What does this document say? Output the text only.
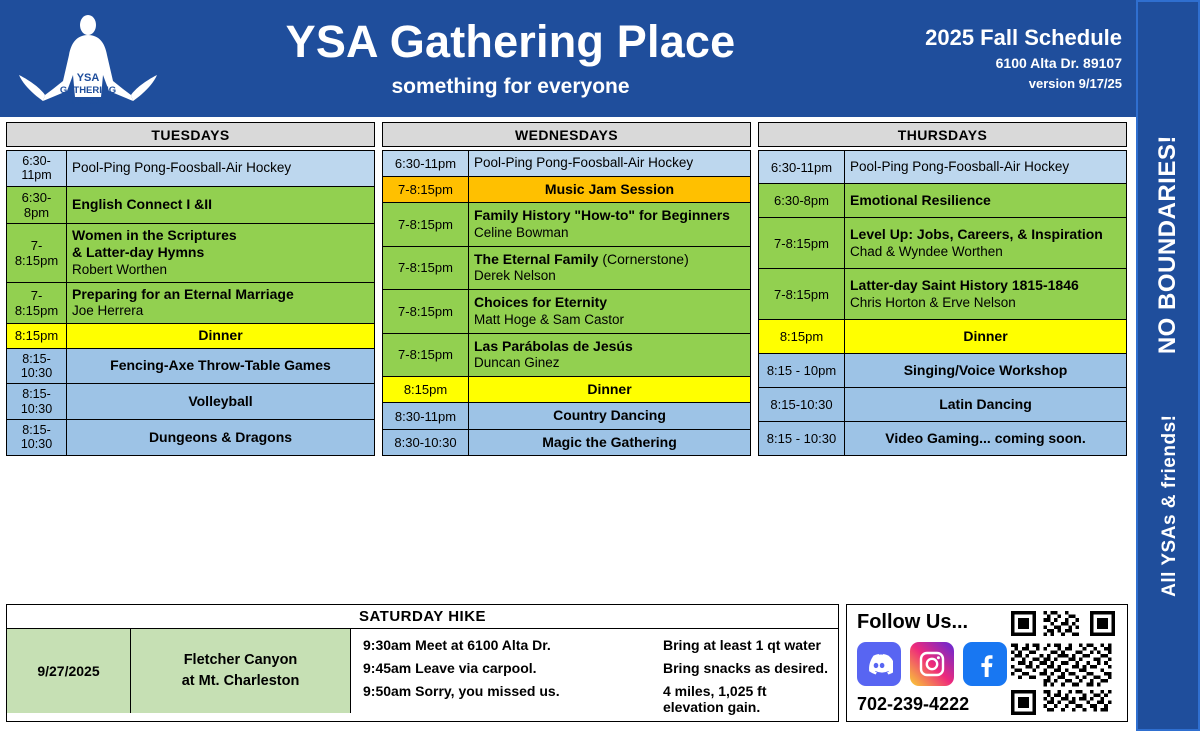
YSA
GATHERING
PLACE
YSA Gathering Place
something for everyone
2025 Fall Schedule
6100 Alta Dr. 89107
version 9/17/25
All YSAs & friends!  NO BOUNDARIES!
TUESDAYS
6:30-11pm	Pool-Ping Pong-Foosball-Air Hockey

6:30-8pm	English Connect I &II

7-8:15pm	Women in the Scriptures
& Latter-day Hymns
Robert Worthen

7-8:15pm	Preparing for an Eternal Marriage
Joe Herrera

8:15pm	Dinner

8:15-10:30	Fencing-Axe Throw-Table Games

8:15-10:30	Volleyball

8:15-10:30	Dungeons & Dragons
WEDNESDAYS
6:30-11pm	Pool-Ping Pong-Foosball-Air Hockey

7-8:15pm	Music Jam Session

7-8:15pm	Family History "How-to" for Beginners
Celine Bowman

7-8:15pm	The Eternal Family (Cornerstone)
Derek Nelson

7-8:15pm	Choices for Eternity
Matt Hoge & Sam Castor

7-8:15pm	Las Parábolas de Jesús
Duncan Ginez

8:15pm	Dinner

8:30-11pm	Country Dancing

8:30-10:30	Magic the Gathering
THURSDAYS
6:30-11pm	Pool-Ping Pong-Foosball-Air Hockey

6:30-8pm	Emotional Resilience

7-8:15pm	Level Up: Jobs, Careers, & Inspiration
Chad & Wyndee Worthen

7-8:15pm	Latter-day Saint History 1815-1846
Chris Horton & Erve Nelson

8:15pm	Dinner

8:15 - 10pm	Singing/Voice Workshop

8:15-10:30	Latin Dancing

8:15 - 10:30	Video Gaming... coming soon.
SATURDAY HIKE
9/27/2025
Fletcher Canyon
at Mt. Charleston
9:30am Meet at 6100 Alta Dr.	Bring at least 1 qt water
9:45am Leave via carpool.	Bring snacks as desired.
9:50am Sorry, you missed us.	4 miles, 1,025 ft elevation gain.
Follow Us...
702-239-4222
